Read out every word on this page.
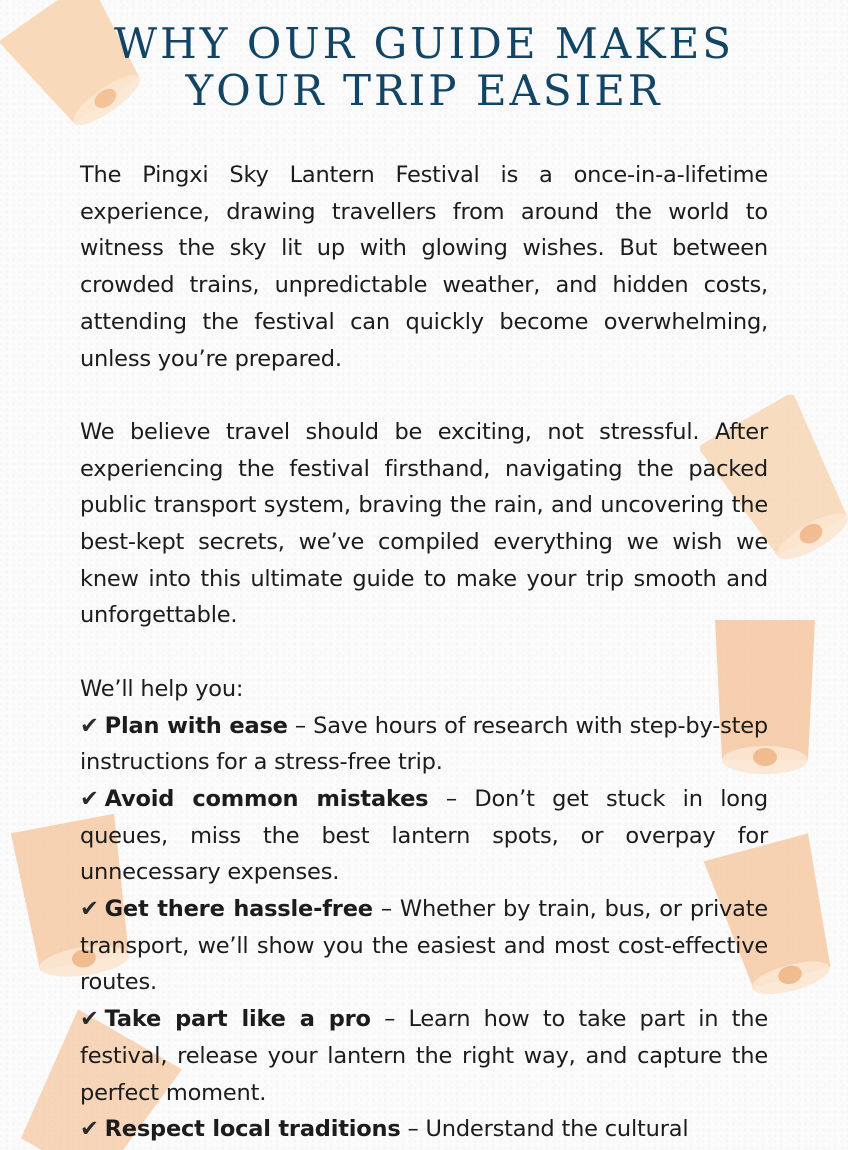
WHY OUR GUIDE MAKES
YOUR TRIP EASIER

The Pingxi Sky Lantern Festival is a once-in-a-lifetime experience, drawing travellers from around the world to witness the sky lit up with glowing wishes. But between crowded trains, unpredictable weather, and hidden costs, attending the festival can quickly become overwhelming, unless you’re prepared.

We believe travel should be exciting, not stressful. After experiencing the festival firsthand, navigating the packed public transport system, braving the rain, and uncovering the best-kept secrets, we’ve compiled everything we wish we knew into this ultimate guide to make your trip smooth and unforgettable.

We’ll help you:

✔ Plan with ease – Save hours of research with step-by-step instructions for a stress-free trip.

✔ Avoid common mistakes – Don’t get stuck in long queues, miss the best lantern spots, or overpay for unnecessary expenses.

✔ Get there hassle-free – Whether by train, bus, or private transport, we’ll show you the easiest and most cost-effective routes.

✔ Take part like a pro – Learn how to take part in the festival, release your lantern the right way, and capture the perfect moment.

✔ Respect local traditions – Understand the cultural
